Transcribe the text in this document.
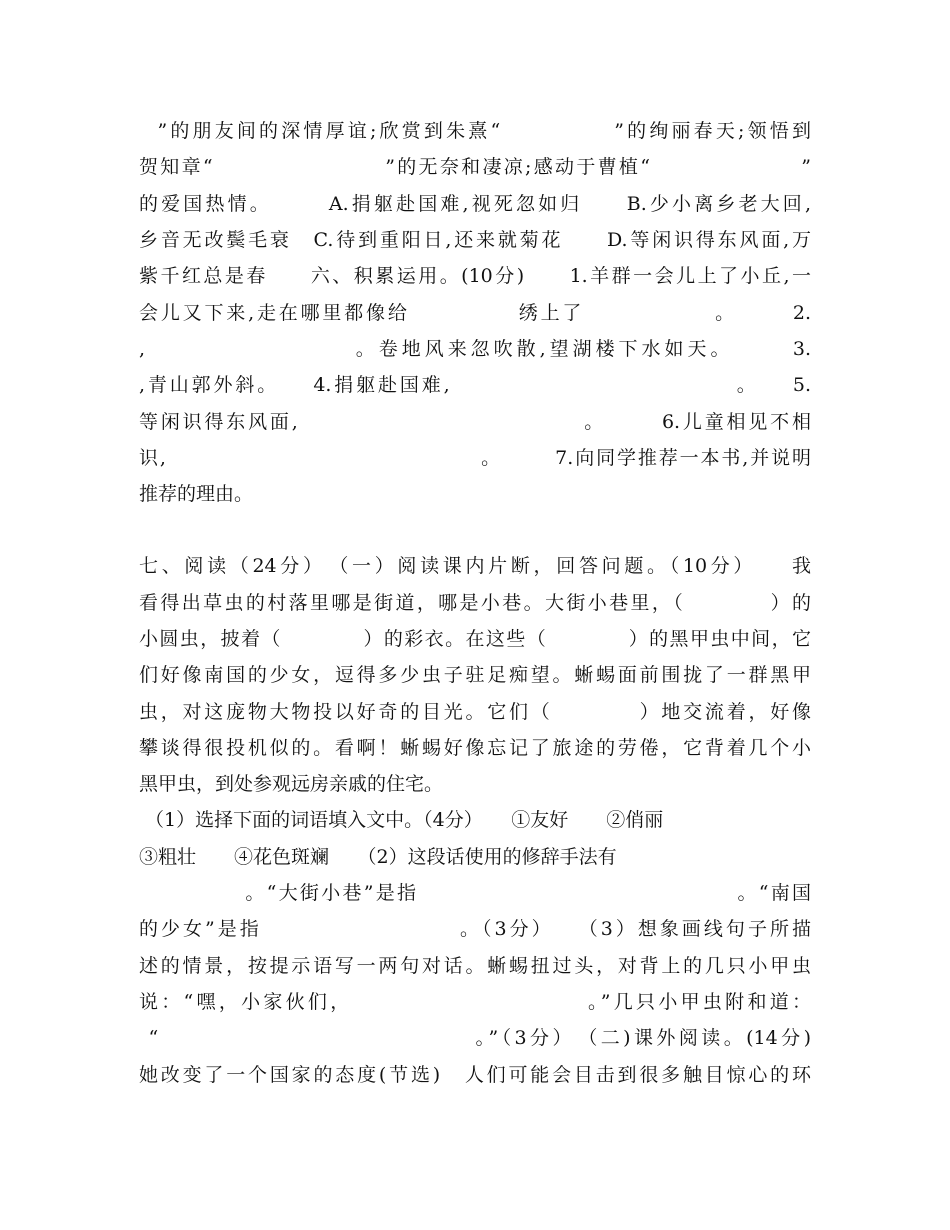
”的朋友间的深情厚谊;欣赏到朱熹“　　　　　”的绚丽春天;领悟到
贺知章“　　　　　　　　”的无奈和凄凉;感动于曹植“　　　　　　　”
的爱国热情。　　　A.捐躯赴国难,视死忽如归　　B.少小离乡老大回,
乡音无改鬓毛衰　C.待到重阳日,还来就菊花　　D.等闲识得东风面,万
紫千红总是春　　六、积累运用。(10分)　　1.羊群一会儿上了小丘,一
会儿又下来,走在哪里都像给　　　　　绣上了　　　　　　。　　　2.
,　　　　　　　　　。卷地风来忽吹散,望湖楼下水如天。　　　3.
,青山郭外斜。　　4.捐躯赴国难,　　　　　　　　　　　　　。　　5.
等闲识得东风面,　　　　　　　　　　　　　。　　　6.儿童相见不相
识,　　　　　　　　　　　　　　　。　　　7.向同学推荐一本书,并说明
推荐的理由。
七、阅读（24分）　（一）阅读课内片断，回答问题。（10分）　　我
看得出草虫的村落里哪是街道，哪是小巷。大街小巷里，（　　　　）的
小圆虫，披着（　　　　）的彩衣。在这些（　　　　）的黑甲虫中间，它
们好像南国的少女，逗得多少虫子驻足痴望。蜥蜴面前围拢了一群黑甲
虫，对这庞物大物投以好奇的目光。它们（　　　　）地交流着，好像
攀谈得很投机似的。看啊！蜥蜴好像忘记了旅途的劳倦，它背着几个小
黑甲虫，到处参观远房亲戚的住宅。
（1）选择下面的词语填入文中。（4分）　　①友好　　②俏丽
③粗壮　　④花色斑斓　　（2）这段话使用的修辞手法有
　　　　　。“大街小巷”是指　　　　　　　　　　　　　　　。“南国
的少女”是指　　　　　　　　　。（3分）　　（3）想象画线句子所描
述的情景，按提示语写一两句对话。蜥蜴扭过头，对背上的几只小甲虫
说：“嘿，小家伙们，　　　　　　　　　　　。”几只小甲虫附和道：
“　　　　　　　　　　　　　　。”（3分）　（二)课外阅读。(14分)
她改变了一个国家的态度(节选)　人们可能会目击到很多触目惊心的环
